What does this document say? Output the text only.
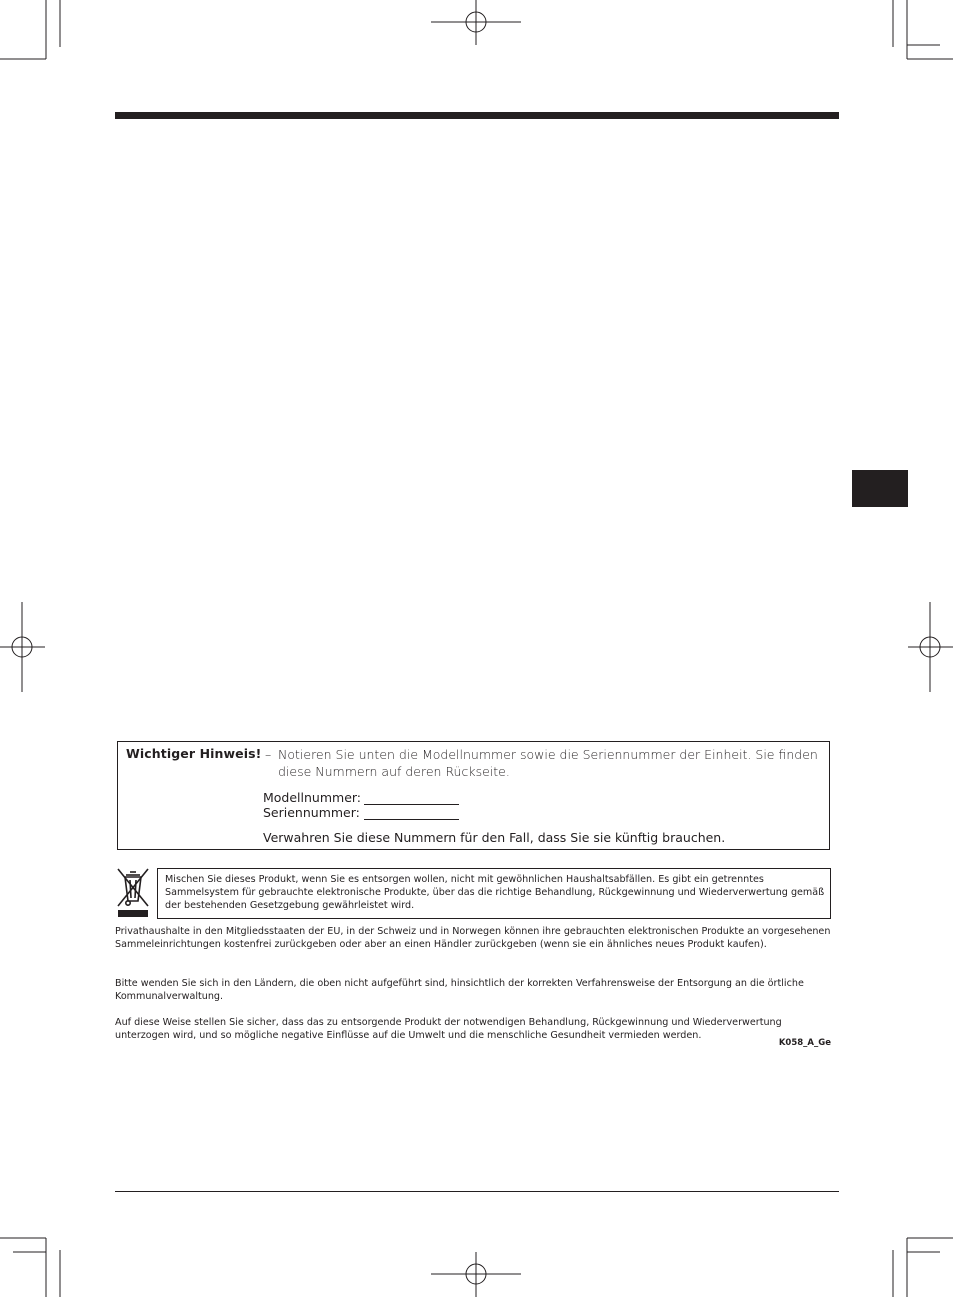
Wichtiger Hinweis! – Notieren Sie unten die Modellnummer sowie die Seriennummer der Einheit. Sie finden diese Nummern auf deren Rückseite.
Modellnummer:
Seriennummer:
Verwahren Sie diese Nummern für den Fall, dass Sie sie künftig brauchen.
Mischen Sie dieses Produkt, wenn Sie es entsorgen wollen, nicht mit gewöhnlichen Haushaltsabfällen. Es gibt ein getrenntes Sammelsystem für gebrauchte elektronische Produkte, über das die richtige Behandlung, Rückgewinnung und Wiederverwertung gemäß der bestehenden Gesetzgebung gewährleistet wird.
Privathaushalte in den Mitgliedsstaaten der EU, in der Schweiz und in Norwegen können ihre gebrauchten elektronischen Produkte an vorgesehenen Sammeleinrichtungen kostenfrei zurückgeben oder aber an einen Händler zurückgeben (wenn sie ein ähnliches neues Produkt kaufen).
Bitte wenden Sie sich in den Ländern, die oben nicht aufgeführt sind, hinsichtlich der korrekten Verfahrensweise der Entsorgung an die örtliche Kommunalverwaltung.
Auf diese Weise stellen Sie sicher, dass das zu entsorgende Produkt der notwendigen Behandlung, Rückgewinnung und Wiederverwertung unterzogen wird, und so mögliche negative Einflüsse auf die Umwelt und die menschliche Gesundheit vermieden werden.
K058_A_Ge
